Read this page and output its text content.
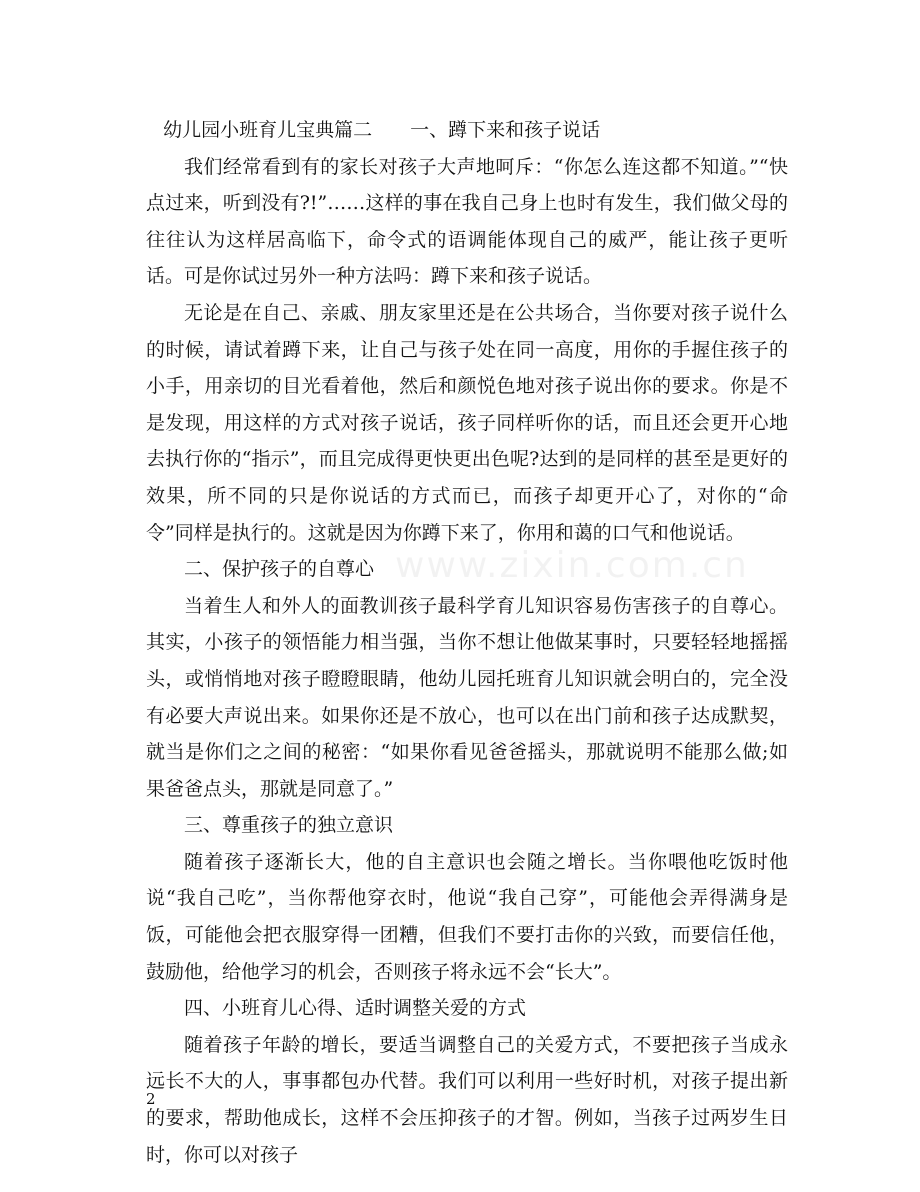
www.zixin.com.cn

幼儿园小班育儿宝典篇二　　一、蹲下来和孩子说话

我们经常看到有的家长对孩子大声地呵斥：“你怎么连这都不知道。”“快点过来，听到没有?!”……这样的事在我自己身上也时有发生，我们做父母的往往认为这样居高临下，命令式的语调能体现自己的威严，能让孩子更听话。可是你试过另外一种方法吗：蹲下来和孩子说话。

无论是在自己、亲戚、朋友家里还是在公共场合，当你要对孩子说什么的时候，请试着蹲下来，让自己与孩子处在同一高度，用你的手握住孩子的小手，用亲切的目光看着他，然后和颜悦色地对孩子说出你的要求。你是不是发现，用这样的方式对孩子说话，孩子同样听你的话，而且还会更开心地去执行你的“指示”，而且完成得更快更出色呢?达到的是同样的甚至是更好的效果，所不同的只是你说话的方式而已，而孩子却更开心了，对你的“命令”同样是执行的。这就是因为你蹲下来了，你用和蔼的口气和他说话。

二、保护孩子的自尊心

当着生人和外人的面教训孩子最科学育儿知识容易伤害孩子的自尊心。其实，小孩子的领悟能力相当强，当你不想让他做某事时，只要轻轻地摇摇头，或悄悄地对孩子瞪瞪眼睛，他幼儿园托班育儿知识就会明白的，完全没有必要大声说出来。如果你还是不放心，也可以在出门前和孩子达成默契，就当是你们之之间的秘密：“如果你看见爸爸摇头，那就说明不能那么做;如果爸爸点头，那就是同意了。”

三、尊重孩子的独立意识

随着孩子逐渐长大，他的自主意识也会随之增长。当你喂他吃饭时他说“我自己吃”，当你帮他穿衣时，他说“我自己穿”，可能他会弄得满身是饭，可能他会把衣服穿得一团糟，但我们不要打击你的兴致，而要信任他，鼓励他，给他学习的机会，否则孩子将永远不会“长大”。

四、小班育儿心得、适时调整关爱的方式

随着孩子年龄的增长，要适当调整自己的关爱方式，不要把孩子当成永远长不大的人，事事都包办代替。我们可以利用一些好时机，对孩子提出新的要求，帮助他成长，这样不会压抑孩子的才智。例如，当孩子过两岁生日时，你可以对孩子

2
